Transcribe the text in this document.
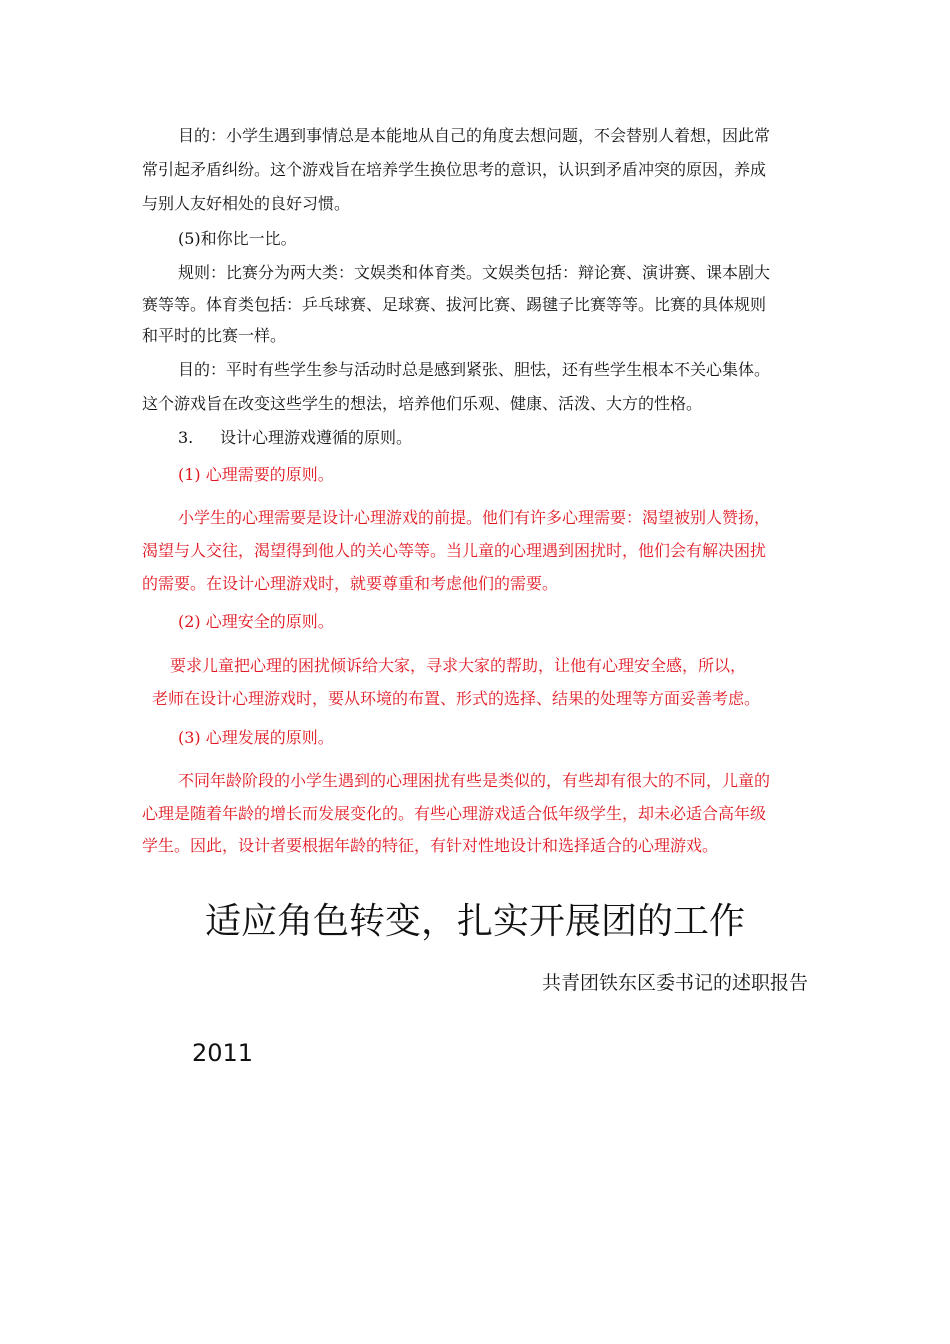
目的：小学生遇到事情总是本能地从自己的角度去想问题，不会替别人着想，因此常
常引起矛盾纠纷。这个游戏旨在培养学生换位思考的意识，认识到矛盾冲突的原因，养成
与别人友好相处的良好习惯。
(5)和你比一比。
规则：比赛分为两大类：文娱类和体育类。文娱类包括：辩论赛、演讲赛、课本剧大
赛等等。体育类包括：乒乓球赛、足球赛、拔河比赛、踢毽子比赛等等。比赛的具体规则
和平时的比赛一样。
目的：平时有些学生参与活动时总是感到紧张、胆怯，还有些学生根本不关心集体。
这个游戏旨在改变这些学生的想法，培养他们乐观、健康、活泼、大方的性格。
3. 设计心理游戏遵循的原则。
(1) 心理需要的原则。
小学生的心理需要是设计心理游戏的前提。他们有许多心理需要：渴望被别人赞扬，
渴望与人交往，渴望得到他人的关心等等。当儿童的心理遇到困扰时，他们会有解决困扰
的需要。在设计心理游戏时，就要尊重和考虑他们的需要。
(2) 心理安全的原则。
要求儿童把心理的困扰倾诉给大家，寻求大家的帮助，让他有心理安全感，所以，
老师在设计心理游戏时，要从环境的布置、形式的选择、结果的处理等方面妥善考虑。
(3) 心理发展的原则。
不同年龄阶段的小学生遇到的心理困扰有些是类似的，有些却有很大的不同，儿童的
心理是随着年龄的增长而发展变化的。有些心理游戏适合低年级学生，却未必适合高年级
学生。因此，设计者要根据年龄的特征，有针对性地设计和选择适合的心理游戏。
适应角色转变，扎实开展团的工作
共青团铁东区委书记的述职报告
2011
